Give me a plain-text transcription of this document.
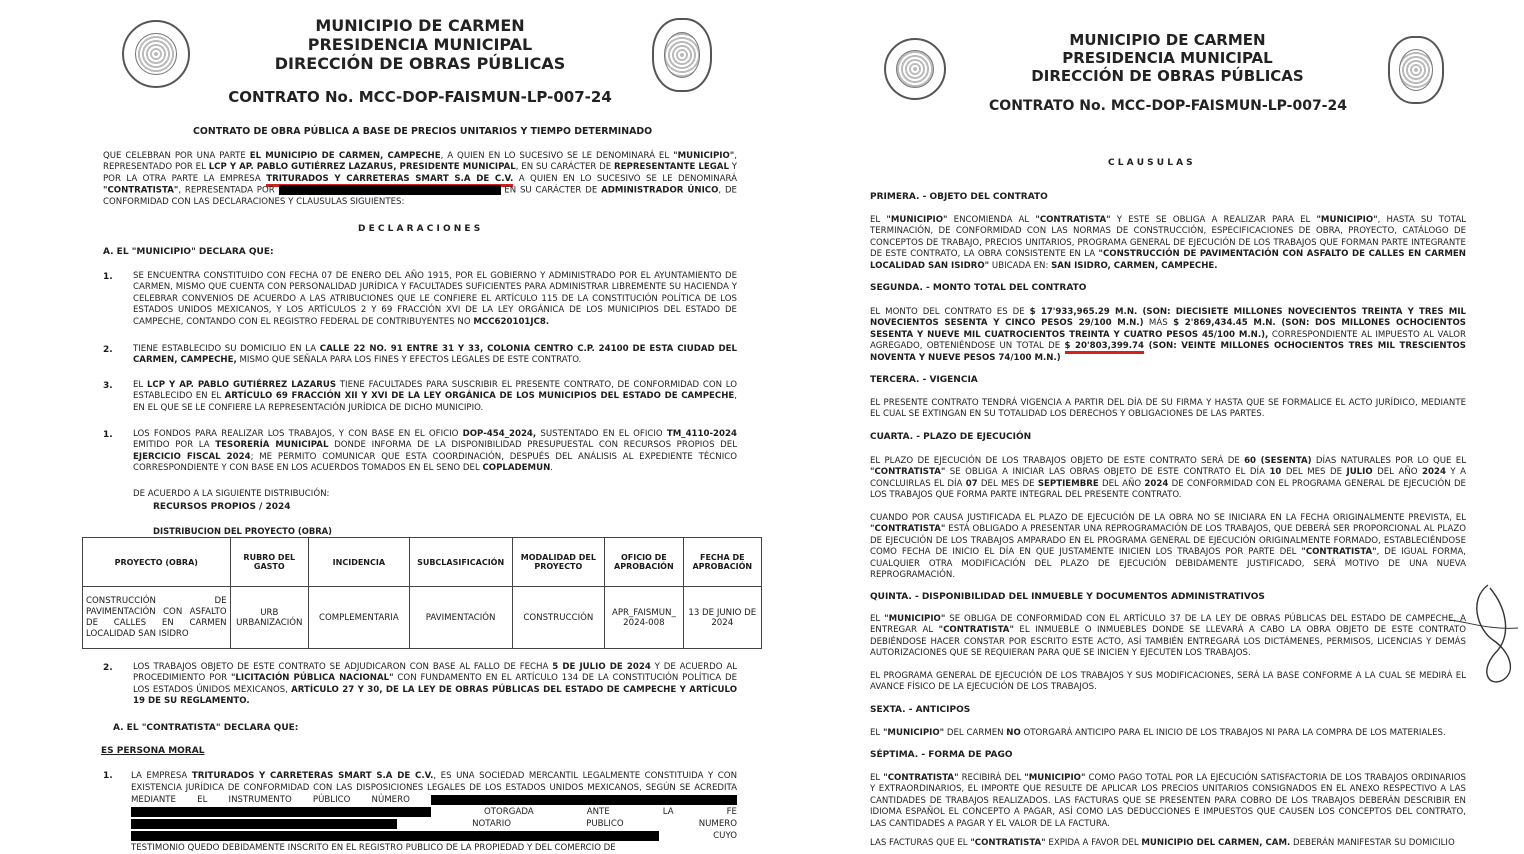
MUNICIPIO DE CARMEN
PRESIDENCIA MUNICIPAL
DIRECCIÓN DE OBRAS PÚBLICAS
CONTRATO No. MCC-DOP-FAISMUN-LP-007-24
CONTRATO DE OBRA PÚBLICA A BASE DE PRECIOS UNITARIOS Y TIEMPO DETERMINADO
QUE CELEBRAN POR UNA PARTE EL MUNICIPIO DE CARMEN, CAMPECHE, A QUIEN EN LO SUCESIVO SE LE DENOMINARÁ EL "MUNICIPIO", REPRESENTADO POR EL LCP Y AP. PABLO GUTIÉRREZ LAZARUS, PRESIDENTE MUNICIPAL, EN SU CARÁCTER DE REPRESENTANTE LEGAL Y POR LA OTRA PARTE LA EMPRESA TRITURADOS Y CARRETERAS SMART S.A DE C.V. A QUIEN EN LO SUCESIVO SE LE DENOMINARÁ "CONTRATISTA", REPRESENTADA POR	EN SU CARÁCTER DE ADMINISTRADOR ÚNICO, DE CONFORMIDAD CON LAS DECLARACIONES Y CLAUSULAS SIGUIENTES:
D E C L A R A C I O N E S
A. EL "MUNICIPIO" DECLARA QUE:
1. SE ENCUENTRA CONSTITUIDO CON FECHA 07 DE ENERO DEL AÑO 1915, POR EL GOBIERNO Y ADMINISTRADO POR EL AYUNTAMIENTO DE CARMEN, MISMO QUE CUENTA CON PERSONALIDAD JURÍDICA Y FACULTADES SUFICIENTES PARA ADMINISTRAR LIBREMENTE SU HACIENDA Y CELEBRAR CONVENIOS DE ACUERDO A LAS ATRIBUCIONES QUE LE CONFIERE EL ARTÍCULO 115 DE LA CONSTITUCIÓN POLÍTICA DE LOS ESTADOS UNIDOS MEXICANOS, Y LOS ARTÍCULOS 2 Y 69 FRACCIÓN XVI DE LA LEY ORGÁNICA DE LOS MUNICIPIOS DEL ESTADO DE CAMPECHE, CONTANDO CON EL REGISTRO FEDERAL DE CONTRIBUYENTES NO MCC620101JC8.
2. TIENE ESTABLECIDO SU DOMICILIO EN LA CALLE 22 NO. 91 ENTRE 31 Y 33, COLONIA CENTRO C.P. 24100 DE ESTA CIUDAD DEL CARMEN, CAMPECHE, MISMO QUE SEÑALA PARA LOS FINES Y EFECTOS LEGALES DE ESTE CONTRATO.
3. EL LCP Y AP. PABLO GUTIÉRREZ LAZARUS TIENE FACULTADES PARA SUSCRIBIR EL PRESENTE CONTRATO, DE CONFORMIDAD CON LO ESTABLECIDO EN EL ARTÍCULO 69 FRACCIÓN XII Y XVI DE LA LEY ORGÁNICA DE LOS MUNICIPIOS DEL ESTADO DE CAMPECHE, EN EL QUE SE LE CONFIERE LA REPRESENTACIÓN JURÍDICA DE DICHO MUNICIPIO.
1. LOS FONDOS PARA REALIZAR LOS TRABAJOS, Y CON BASE EN EL OFICIO DOP-454_2024, SUSTENTADO EN EL OFICIO TM_4110-2024 EMITIDO POR LA TESORERÍA MUNICIPAL DONDE INFORMA DE LA DISPONIBILIDAD PRESUPUESTAL CON RECURSOS PROPIOS DEL EJERCICIO FISCAL 2024; ME PERMITO COMUNICAR QUE ESTA COORDINACIÓN, DESPUÉS DEL ANÁLISIS AL EXPEDIENTE TÉCNICO CORRESPONDIENTE Y CON BASE EN LOS ACUERDOS TOMADOS EN EL SENO DEL COPLADEMUN.
DE ACUERDO A LA SIGUIENTE DISTRIBUCIÓN:
RECURSOS PROPIOS / 2024
DISTRIBUCION DEL PROYECTO (OBRA)
PROYECTO (OBRA)	RUBRO DEL GASTO	INCIDENCIA	SUBCLASIFICACIÓN	MODALIDAD DEL PROYECTO	OFICIO DE APROBACIÓN	FECHA DE APROBACIÓN
CONSTRUCCIÓN DE PAVIMENTACIÓN CON ASFALTO DE CALLES EN CARMEN LOCALIDAD SAN ISIDRO	URB URBANIZACIÓN	COMPLEMENTARIA	PAVIMENTACIÓN	CONSTRUCCIÓN	APR_FAISMUN_ 2024-008	13 DE JUNIO DE 2024
2. LOS TRABAJOS OBJETO DE ESTE CONTRATO SE ADJUDICARON CON BASE AL FALLO DE FECHA 5 DE JULIO DE 2024 Y DE ACUERDO AL PROCEDIMIENTO POR "LICITACIÓN PÚBLICA NACIONAL" CON FUNDAMENTO EN EL ARTÍCULO 134 DE LA CONSTITUCIÓN POLÍTICA DE LOS ESTADOS ÚNIDOS MEXICANOS, ARTÍCULO 27 Y 30, DE LA LEY DE OBRAS PÚBLICAS DEL ESTADO DE CAMPECHE Y ARTÍCULO 19 DE SU REGLAMENTO.
A. EL "CONTRATISTA" DECLARA QUE:
ES PERSONA MORAL
1. LA EMPRESA TRITURADOS Y CARRETERAS SMART S.A DE C.V., ES UNA SOCIEDAD MERCANTIL LEGALMENTE CONSTITUIDA Y CON EXISTENCIA JURÍDICA DE CONFORMIDAD CON LAS DISPOSICIONES LEGALES DE LOS ESTADOS UNIDOS MEXICANOS, SEGÚN SE ACREDITA MEDIANTE EL INSTRUMENTO PÚBLICO NÚMERO  OTORGADA ANTE LA FE  NOTARIO PUBLICO NUMERO  CUYO TESTIMONIO QUEDO DEBIDAMENTE INSCRITO EN EL REGISTRO PUBLICO DE LA PROPIEDAD Y DEL COMERCIO DE
MUNICIPIO DE CARMEN
PRESIDENCIA MUNICIPAL
DIRECCIÓN DE OBRAS PÚBLICAS
CONTRATO No. MCC-DOP-FAISMUN-LP-007-24
C L A U S U L A S
PRIMERA. - OBJETO DEL CONTRATO
EL "MUNICIPIO" ENCOMIENDA AL "CONTRATISTA" Y ESTE SE OBLIGA A REALIZAR PARA EL "MUNICIPIO", HASTA SU TOTAL TERMINACIÓN, DE CONFORMIDAD CON LAS NORMAS DE CONSTRUCCIÓN, ESPECIFICACIONES DE OBRA, PROYECTO, CATÁLOGO DE CONCEPTOS DE TRABAJO, PRECIOS UNITARIOS, PROGRAMA GENERAL DE EJECUCIÓN DE LOS TRABAJOS QUE FORMAN PARTE INTEGRANTE DE ESTE CONTRATO, LA OBRA CONSISTENTE EN LA "CONSTRUCCIÓN DE PAVIMENTACIÓN CON ASFALTO DE CALLES EN CARMEN LOCALIDAD SAN ISIDRO" UBICADA EN: SAN ISIDRO, CARMEN, CAMPECHE.
SEGUNDA. - MONTO TOTAL DEL CONTRATO
EL MONTO DEL CONTRATO ES DE $ 17'933,965.29 M.N. (SON: DIECISIETE MILLONES NOVECIENTOS TREINTA Y TRES MIL NOVECIENTOS SESENTA Y CINCO PESOS 29/100 M.N.) MÁS $ 2'869,434.45 M.N. (SON: DOS MILLONES OCHOCIENTOS SESENTA Y NUEVE MIL CUATROCIENTOS TREINTA Y CUATRO PESOS 45/100 M.N.), CORRESPONDIENTE AL IMPUESTO AL VALOR AGREGADO, OBTENIÉNDOSE UN TOTAL DE $ 20'803,399.74 (SON: VEINTE MILLONES OCHOCIENTOS TRES MIL TRESCIENTOS NOVENTA Y NUEVE PESOS 74/100 M.N.)
TERCERA. - VIGENCIA
EL PRESENTE CONTRATO TENDRÁ VIGENCIA A PARTIR DEL DÍA DE SU FIRMA Y HASTA QUE SE FORMALICE EL ACTO JURÍDICO, MEDIANTE EL CUAL SE EXTINGAN EN SU TOTALIDAD LOS DERECHOS Y OBLIGACIONES DE LAS PARTES.
CUARTA. - PLAZO DE EJECUCIÓN
EL PLAZO DE EJECUCIÓN DE LOS TRABAJOS OBJETO DE ESTE CONTRATO SERÁ DE 60 (SESENTA) DÍAS NATURALES POR LO QUE EL "CONTRATISTA" SE OBLIGA A INICIAR LAS OBRAS OBJETO DE ESTE CONTRATO EL DÍA 10 DEL MES DE JULIO DEL AÑO 2024 Y A CONCLUIRLAS EL DÍA 07 DEL MES DE SEPTIEMBRE DEL AÑO 2024 DE CONFORMIDAD CON EL PROGRAMA GENERAL DE EJECUCIÓN DE LOS TRABAJOS QUE FORMA PARTE INTEGRAL DEL PRESENTE CONTRATO.
CUANDO POR CAUSA JUSTIFICADA EL PLAZO DE EJECUCIÓN DE LA OBRA NO SE INICIARA EN LA FECHA ORIGINALMENTE PREVISTA, EL "CONTRATISTA" ESTÁ OBLIGADO A PRESENTAR UNA REPROGRAMACIÓN DE LOS TRABAJOS, QUE DEBERÁ SER PROPORCIONAL AL PLAZO DE EJECUCIÓN DE LOS TRABAJOS AMPARADO EN EL PROGRAMA GENERAL DE EJECUCIÓN ORIGINALMENTE FORMADO, ESTABLECIÉNDOSE COMO FECHA DE INICIO EL DÍA EN QUE JUSTAMENTE INICIEN LOS TRABAJOS POR PARTE DEL "CONTRATISTA", DE IGUAL FORMA, CUALQUIER OTRA MODIFICACIÓN DEL PLAZO DE EJECUCIÓN DEBIDAMENTE JUSTIFICADO, SERÁ MOTIVO DE UNA NUEVA REPROGRAMACIÓN.
QUINTA. - DISPONIBILIDAD DEL INMUEBLE Y DOCUMENTOS ADMINISTRATIVOS
EL "MUNICIPIO" SE OBLIGA DE CONFORMIDAD CON EL ARTÍCULO 37 DE LA LEY DE OBRAS PÚBLICAS DEL ESTADO DE CAMPECHE, A ENTREGAR AL "CONTRATISTA" EL INMUEBLE O INMUEBLES DONDE SE LLEVARÁ A CABO LA OBRA OBJETO DE ESTE CONTRATO DEBIÉNDOSE HACER CONSTAR POR ESCRITO ESTE ACTO, ASÍ TAMBIÉN ENTREGARÁ LOS DICTÁMENES, PERMISOS, LICENCIAS Y DEMÁS AUTORIZACIONES QUE SE REQUIERAN PARA QUE SE INICIEN Y EJECUTEN LOS TRABAJOS.
EL PROGRAMA GENERAL DE EJECUCIÓN DE LOS TRABAJOS Y SUS MODIFICACIONES, SERÁ LA BASE CONFORME A LA CUAL SE MEDIRÁ EL AVANCE FÍSICO DE LA EJECUCIÓN DE LOS TRABAJOS.
SEXTA. - ANTICIPOS
EL "MUNICIPIO" DEL CARMEN NO OTORGARÁ ANTICIPO PARA EL INICIO DE LOS TRABAJOS NI PARA LA COMPRA DE LOS MATERIALES.
SÉPTIMA. - FORMA DE PAGO
EL "CONTRATISTA" RECIBIRÁ DEL "MUNICIPIO" COMO PAGO TOTAL POR LA EJECUCIÓN SATISFACTORIA DE LOS TRABAJOS ORDINARIOS Y EXTRAORDINARIOS, EL IMPORTE QUE RESULTE DE APLICAR LOS PRECIOS UNITARIOS CONSIGNADOS EN EL ANEXO RESPECTIVO A LAS CANTIDADES DE TRABAJOS REALIZADOS. LAS FACTURAS QUE SE PRESENTEN PARA COBRO DE LOS TRABAJOS DEBERÁN DESCRIBIR EN IDIOMA ESPAÑOL EL CONCEPTO A PAGAR, ASÍ COMO LAS DEDUCCIONES E IMPUESTOS QUE CAUSEN LOS CONCEPTOS DEL CONTRATO, LAS CANTIDADES A PAGAR Y EL VALOR DE LA FACTURA.
LAS FACTURAS QUE EL "CONTRATISTA" EXPIDA A FAVOR DEL MUNICIPIO DEL CARMEN, CAM. DEBERÁN MANIFESTAR SU DOMICILIO
